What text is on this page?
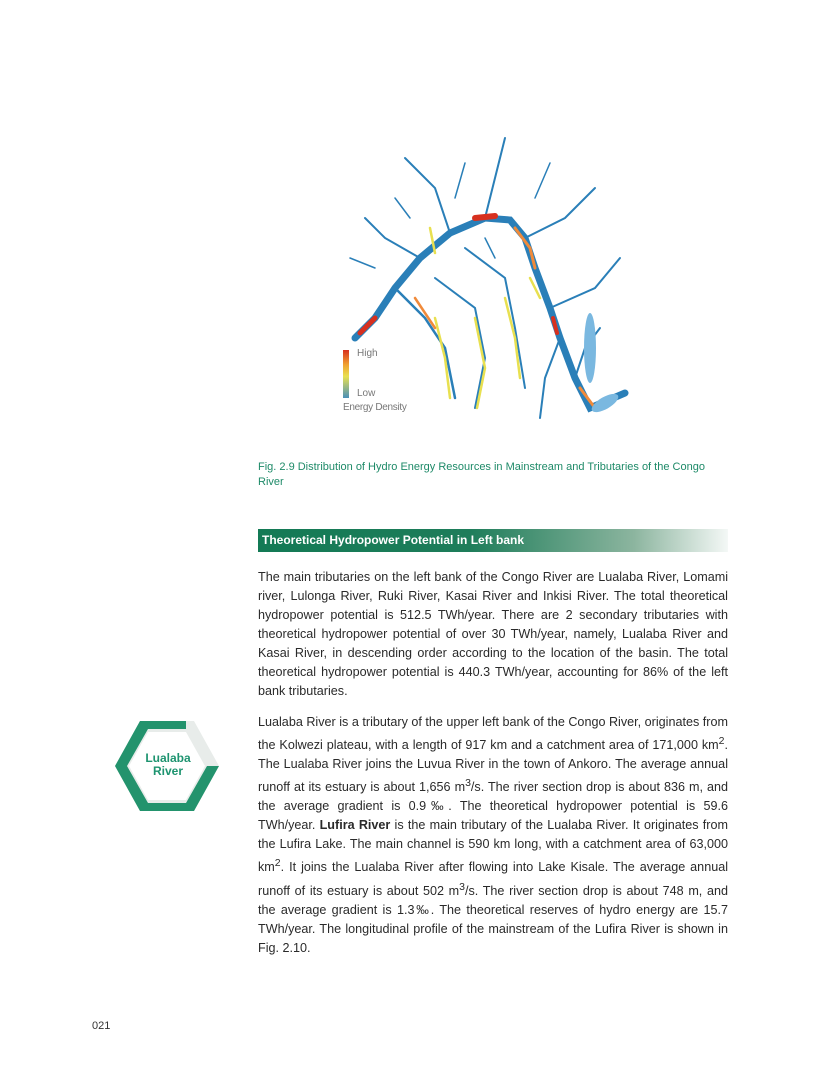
High
Low
Energy Density
Fig. 2.9 Distribution of Hydro Energy Resources in Mainstream and Tributaries of the Congo River
Theoretical Hydropower Potential in Left bank
The main tributaries on the left bank of the Congo River are Lualaba River, Lomami river, Lulonga River, Ruki River, Kasai River and Inkisi River. The total theoretical hydropower potential is 512.5 TWh/year. There are 2 secondary tributaries with theoretical hydropower potential of over 30 TWh/year, namely, Lualaba River and Kasai River, in descending order according to the location of the basin. The total theoretical hydropower potential is 440.3 TWh/year, accounting for 86% of the left bank tributaries.
Lualaba River is a tributary of the upper left bank of the Congo River, originates from the Kolwezi plateau, with a length of 917 km and a catchment area of 171,000 $km^2$. The Lualaba River joins the Luvua River in the town of Ankoro. The average annual runoff at its estuary is about 1,656 $m^3/s$. The river section drop is about 836 m, and the average gradient is 0.9‰. The theoretical hydropower potential is 59.6 TWh/year. Lufira River is the main tributary of the Lualaba River. It originates from the Lufira Lake. The main channel is 590 km long, with a catchment area of 63,000 $km^2$. It joins the Lualaba River after flowing into Lake Kisale. The average annual runoff of its estuary is about 502 $m^3/s$. The river section drop is about 748 m, and the average gradient is 1.3‰. The theoretical reserves of hydro energy are 15.7 TWh/year. The longitudinal profile of the mainstream of the Lufira River is shown in Fig. 2.10.
Lualaba
River
021
